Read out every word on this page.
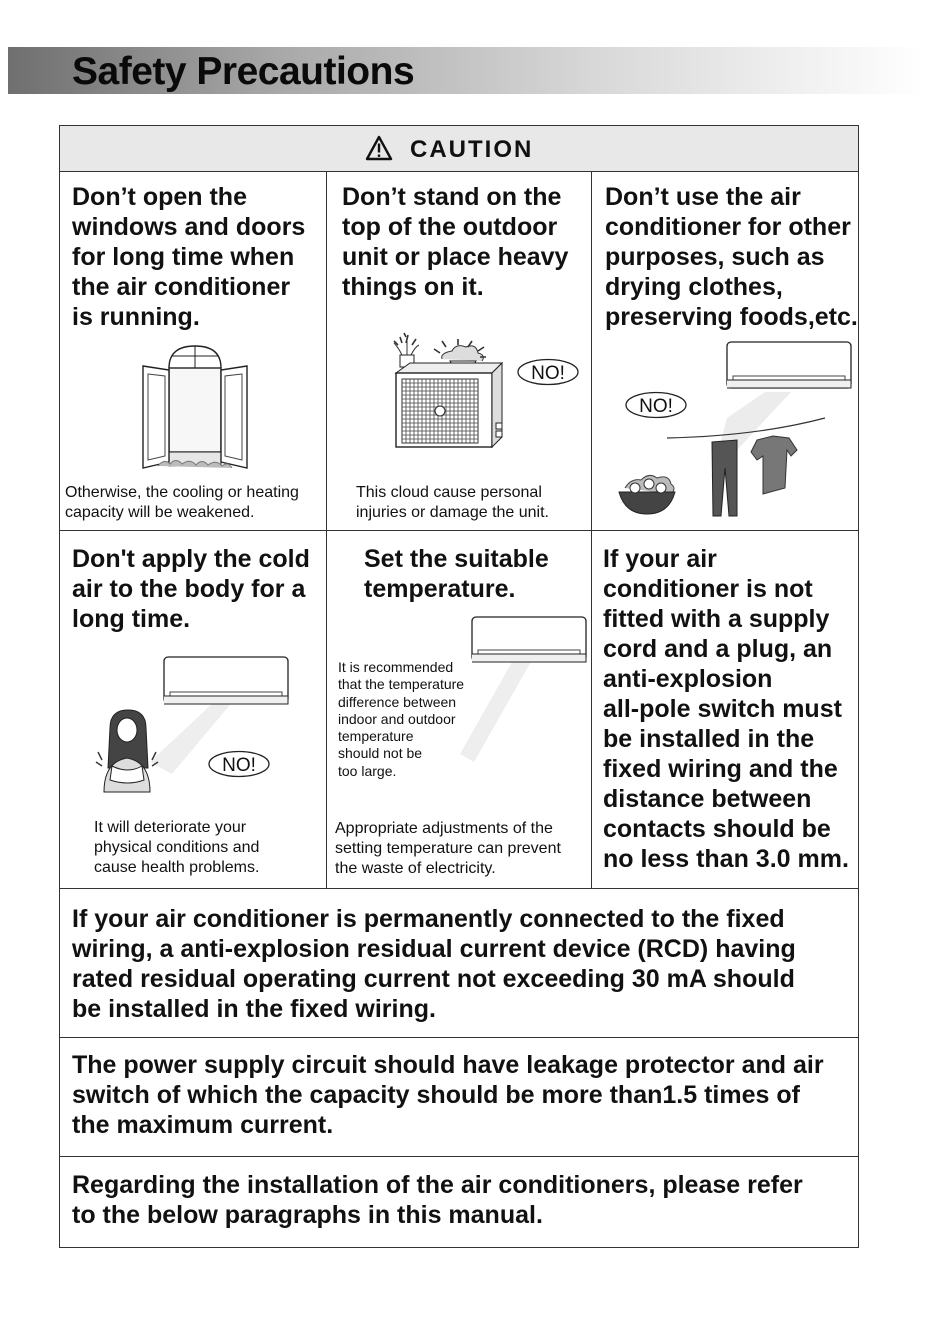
Safety Precautions
CAUTION

Don’t open the
windows and doors
for long time when
the air conditioner
is running.

Otherwise, the cooling or heating
capacity will be weakened.

Don’t stand on the
top of the outdoor
unit or place heavy
things on it.

NO!

This cloud cause personal
injuries or damage the unit.

Don’t use the air
conditioner for other
purposes, such as
drying clothes,
preserving foods,etc.

NO!

Don't apply the cold
air to the body for a
long time.

NO!

It will deteriorate your
physical conditions and
cause health problems.

Set the suitable
temperature.

It is recommended
that the temperature
difference between
indoor and outdoor
temperature
should not be
too large.

Appropriate adjustments of the
setting temperature can prevent
the waste of electricity.

If your air
conditioner is not
fitted with a supply
cord and a plug, an
anti-explosion
all-pole switch must
be installed in the
fixed wiring and the
distance between
contacts should be
no less than 3.0 mm.

If your air conditioner is permanently connected to the fixed
wiring, a anti-explosion residual current device (RCD) having
rated residual operating current not exceeding 30 mA should
be installed in the fixed wiring.

The power supply circuit should have leakage protector and air
switch of which the capacity should be more than1.5 times of
the maximum current.

Regarding the installation of the air conditioners, please refer
to the below paragraphs in this manual.
